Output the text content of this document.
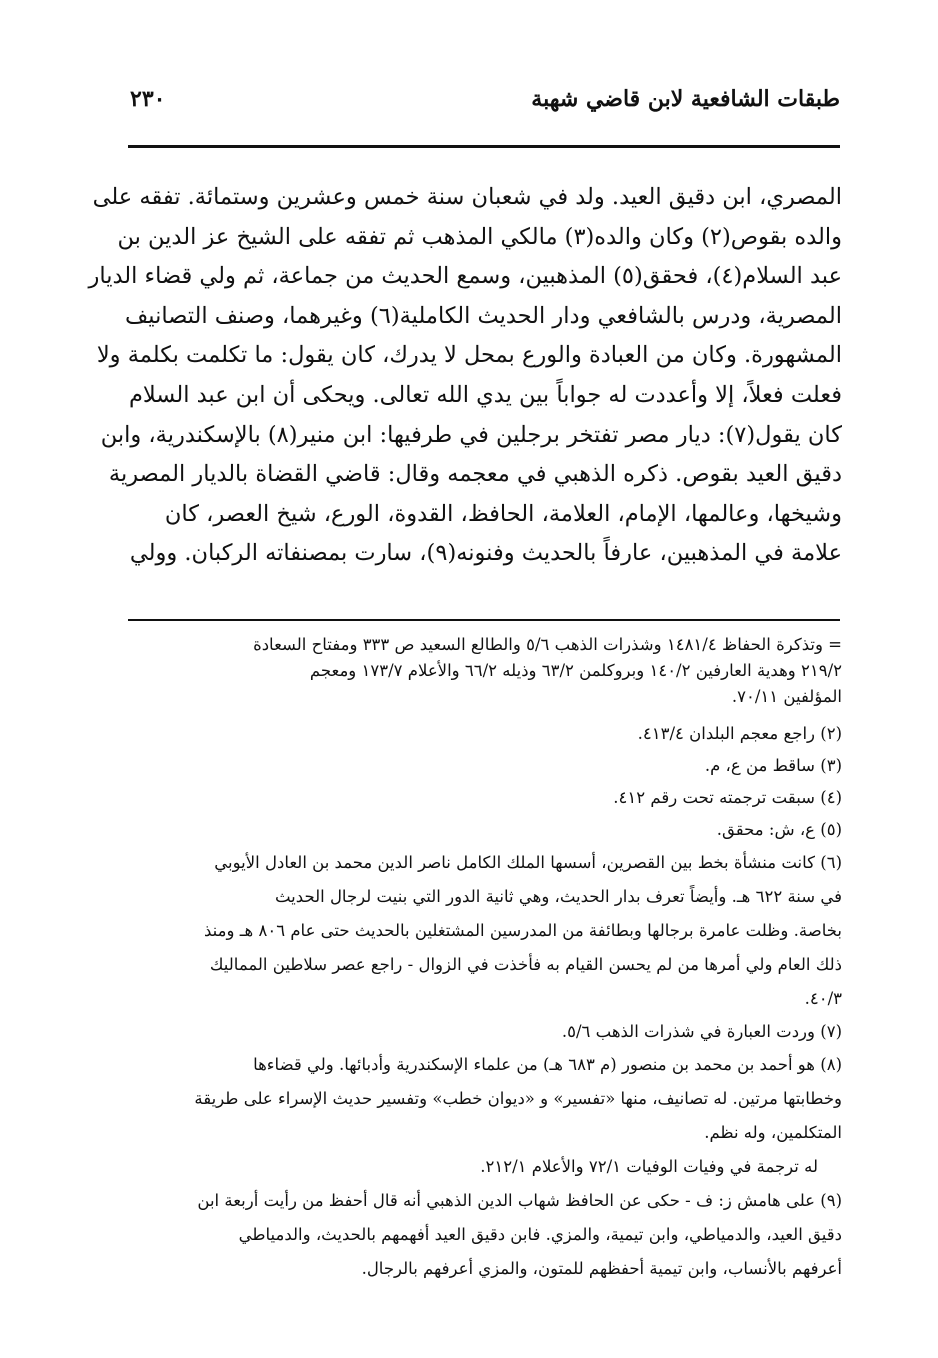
طبقات الشافعية لابن قاضي شهبة
٢٣٠
المصري، ابن دقيق العيد. ولد في شعبان سنة خمس وعشرين وستمائة. تفقه على
والده بقوص(٢) وكان والده(٣) مالكي المذهب ثم تفقه على الشيخ عز الدين بن
عبد السلام(٤)، فحقق(٥) المذهبين، وسمع الحديث من جماعة، ثم ولي قضاء الديار
المصرية، ودرس بالشافعي ودار الحديث الكاملية(٦) وغيرهما، وصنف التصانيف
المشهورة. وكان من العبادة والورع بمحل لا يدرك، كان يقول: ما تكلمت بكلمة ولا
فعلت فعلاً، إلا وأعددت له جواباً بين يدي الله تعالى. ويحكى أن ابن عبد السلام
كان يقول(٧): ديار مصر تفتخر برجلين في طرفيها: ابن منير(٨) بالإسكندرية، وابن
دقيق العيد بقوص. ذكره الذهبي في معجمه وقال: قاضي القضاة بالديار المصرية
وشيخها، وعالمها، الإمام، العلامة، الحافظ، القدوة، الورع، شيخ العصر، كان
علامة في المذهبين، عارفاً بالحديث وفنونه(٩)، سارت بمصنفاته الركبان. وولي
= وتذكرة الحفاظ ١٤٨١/٤ وشذرات الذهب ٥/٦ والطالع السعيد ص ٣٣٣ ومفتاح السعادة
٢١٩/٢ وهدية العارفين ١٤٠/٢ وبروكلمن ٦٣/٢ وذيله ٦٦/٢ والأعلام ١٧٣/٧ ومعجم
المؤلفين ٧٠/١١.
(٢) راجع معجم البلدان ٤١٣/٤.
(٣) ساقط من ع، م.
(٤) سبقت ترجمته تحت رقم ٤١٢.
(٥) ع، ش: محقق.
(٦) كانت منشأة بخط بين القصرين، أسسها الملك الكامل ناصر الدين محمد بن العادل الأيوبي
في سنة ٦٢٢ هـ. وأيضاً تعرف بدار الحديث، وهي ثانية الدور التي بنيت لرجال الحديث
بخاصة. وظلت عامرة برجالها وبطائفة من المدرسين المشتغلين بالحديث حتى عام ٨٠٦ هـ ومنذ
ذلك العام ولي أمرها من لم يحسن القيام به فأخذت في الزوال - راجع عصر سلاطين المماليك
٤٠/٣.
(٧) وردت العبارة في شذرات الذهب ٥/٦.
(٨) هو أحمد بن محمد بن منصور (م ٦٨٣ هـ) من علماء الإسكندرية وأدبائها. ولي قضاءها
وخطابتها مرتين. له تصانيف، منها «تفسير» و «ديوان خطب» وتفسير حديث الإسراء على طريقة
المتكلمين، وله نظم.
له ترجمة في وفيات الوفيات ٧٢/١ والأعلام ٢١٢/١.
(٩) على هامش ز: ف - حكى عن الحافظ شهاب الدين الذهبي أنه قال أحفظ من رأيت أربعة ابن
دقيق العيد، والدمياطي، وابن تيمية، والمزي. فابن دقيق العيد أفهمهم بالحديث، والدمياطي
أعرفهم بالأنساب، وابن تيمية أحفظهم للمتون، والمزي أعرفهم بالرجال.
